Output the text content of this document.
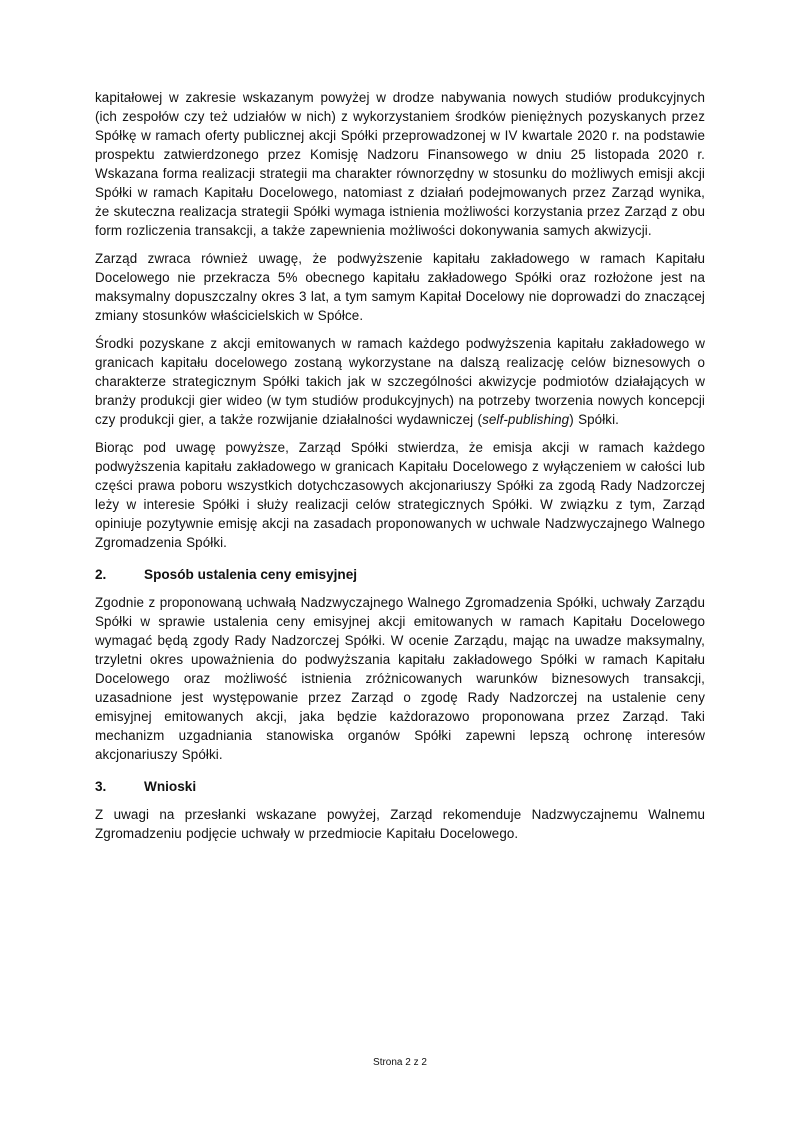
kapitałowej w zakresie wskazanym powyżej w drodze nabywania nowych studiów produkcyjnych (ich zespołów czy też udziałów w nich) z wykorzystaniem środków pieniężnych pozyskanych przez Spółkę w ramach oferty publicznej akcji Spółki przeprowadzonej w IV kwartale 2020 r. na podstawie prospektu zatwierdzonego przez Komisję Nadzoru Finansowego w dniu 25 listopada 2020 r. Wskazana forma realizacji strategii ma charakter równorzędny w stosunku do możliwych emisji akcji Spółki w ramach Kapitału Docelowego, natomiast z działań podejmowanych przez Zarząd wynika, że skuteczna realizacja strategii Spółki wymaga istnienia możliwości korzystania przez Zarząd z obu form rozliczenia transakcji, a także zapewnienia możliwości dokonywania samych akwizycji.

Zarząd zwraca również uwagę, że podwyższenie kapitału zakładowego w ramach Kapitału Docelowego nie przekracza 5% obecnego kapitału zakładowego Spółki oraz rozłożone jest na maksymalny dopuszczalny okres 3 lat, a tym samym Kapitał Docelowy nie doprowadzi do znaczącej zmiany stosunków właścicielskich w Spółce.

Środki pozyskane z akcji emitowanych w ramach każdego podwyższenia kapitału zakładowego w granicach kapitału docelowego zostaną wykorzystane na dalszą realizację celów biznesowych o charakterze strategicznym Spółki takich jak w szczególności akwizycje podmiotów działających w branży produkcji gier wideo (w tym studiów produkcyjnych) na potrzeby tworzenia nowych koncepcji czy produkcji gier, a także rozwijanie działalności wydawniczej (self-publishing) Spółki.

Biorąc pod uwagę powyższe, Zarząd Spółki stwierdza, że emisja akcji w ramach każdego podwyższenia kapitału zakładowego w granicach Kapitału Docelowego z wyłączeniem w całości lub części prawa poboru wszystkich dotychczasowych akcjonariuszy Spółki za zgodą Rady Nadzorczej leży w interesie Spółki i służy realizacji celów strategicznych Spółki. W związku z tym, Zarząd opiniuje pozytywnie emisję akcji na zasadach proponowanych w uchwale Nadzwyczajnego Walnego Zgromadzenia Spółki.

2.	Sposób ustalenia ceny emisyjnej

Zgodnie z proponowaną uchwałą Nadzwyczajnego Walnego Zgromadzenia Spółki, uchwały Zarządu Spółki w sprawie ustalenia ceny emisyjnej akcji emitowanych w ramach Kapitału Docelowego wymagać będą zgody Rady Nadzorczej Spółki. W ocenie Zarządu, mając na uwadze maksymalny, trzyletni okres upoważnienia do podwyższania kapitału zakładowego Spółki w ramach Kapitału Docelowego oraz możliwość istnienia zróżnicowanych warunków biznesowych transakcji, uzasadnione jest występowanie przez Zarząd o zgodę Rady Nadzorczej na ustalenie ceny emisyjnej emitowanych akcji, jaka będzie każdorazowo proponowana przez Zarząd. Taki mechanizm uzgadniania stanowiska organów Spółki zapewni lepszą ochronę interesów akcjonariuszy Spółki.

3.	Wnioski

Z uwagi na przesłanki wskazane powyżej, Zarząd rekomenduje Nadzwyczajnemu Walnemu Zgromadzeniu podjęcie uchwały w przedmiocie Kapitału Docelowego.

Strona 2 z 2
